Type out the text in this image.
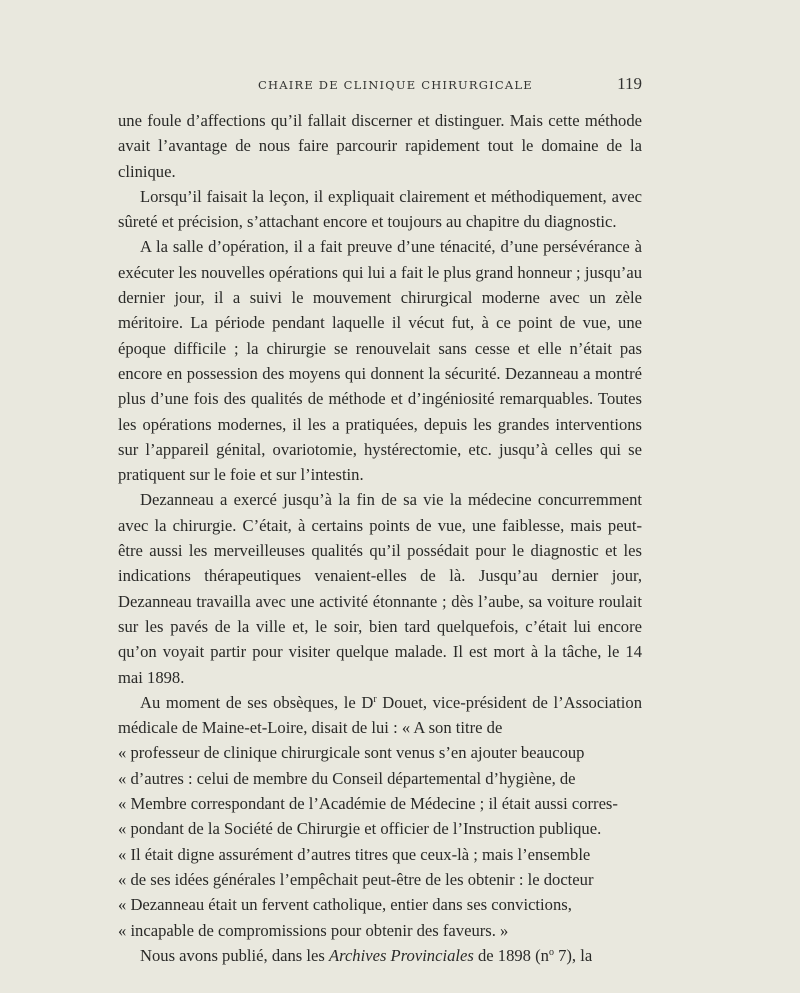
CHAIRE DE CLINIQUE CHIRURGICALE	119

une foule d’affections qu’il fallait discerner et distinguer. Mais cette méthode avait l’avantage de nous faire parcourir rapidement tout le domaine de la clinique.

Lorsqu’il faisait la leçon, il expliquait clairement et méthodiquement, avec sûreté et précision, s’attachant encore et toujours au chapitre du diagnostic.

A la salle d’opération, il a fait preuve d’une ténacité, d’une persévérance à exécuter les nouvelles opérations qui lui a fait le plus grand honneur ; jusqu’au dernier jour, il a suivi le mouvement chirurgical moderne avec un zèle méritoire. La période pendant laquelle il vécut fut, à ce point de vue, une époque difficile ; la chirurgie se renouvelait sans cesse et elle n’était pas encore en possession des moyens qui donnent la sécurité. Dezanneau a montré plus d’une fois des qualités de méthode et d’ingéniosité remarquables. Toutes les opérations modernes, il les a pratiquées, depuis les grandes interventions sur l’appareil génital, ovariotomie, hystérectomie, etc. jusqu’à celles qui se pratiquent sur le foie et sur l’intestin.

Dezanneau a exercé jusqu’à la fin de sa vie la médecine concurremment avec la chirurgie. C’était, à certains points de vue, une faiblesse, mais peut-être aussi les merveilleuses qualités qu’il possédait pour le diagnostic et les indications thérapeutiques venaient-elles de là. Jusqu’au dernier jour, Dezanneau travailla avec une activité étonnante ; dès l’aube, sa voiture roulait sur les pavés de la ville et, le soir, bien tard quelquefois, c’était lui encore qu’on voyait partir pour visiter quelque malade. Il est mort à la tâche, le 14 mai 1898.

Au moment de ses obsèques, le $D^r$ Douet, vice-président de l’Association médicale de Maine-et-Loire, disait de lui : « A son titre de

« professeur de clinique chirurgicale sont venus s’en ajouter beaucoup

« d’autres : celui de membre du Conseil départemental d’hygiène, de

« Membre correspondant de l’Académie de Médecine ; il était aussi corres-

« pondant de la Société de Chirurgie et officier de l’Instruction publique.

« Il était digne assurément d’autres titres que ceux-là ; mais l’ensemble

« de ses idées générales l’empêchait peut-être de les obtenir : le docteur

« Dezanneau était un fervent catholique, entier dans ses convictions,

« incapable de compromissions pour obtenir des faveurs. »

Nous avons publié, dans les Archives Provinciales de 1898 ($n^o$ 7), la
